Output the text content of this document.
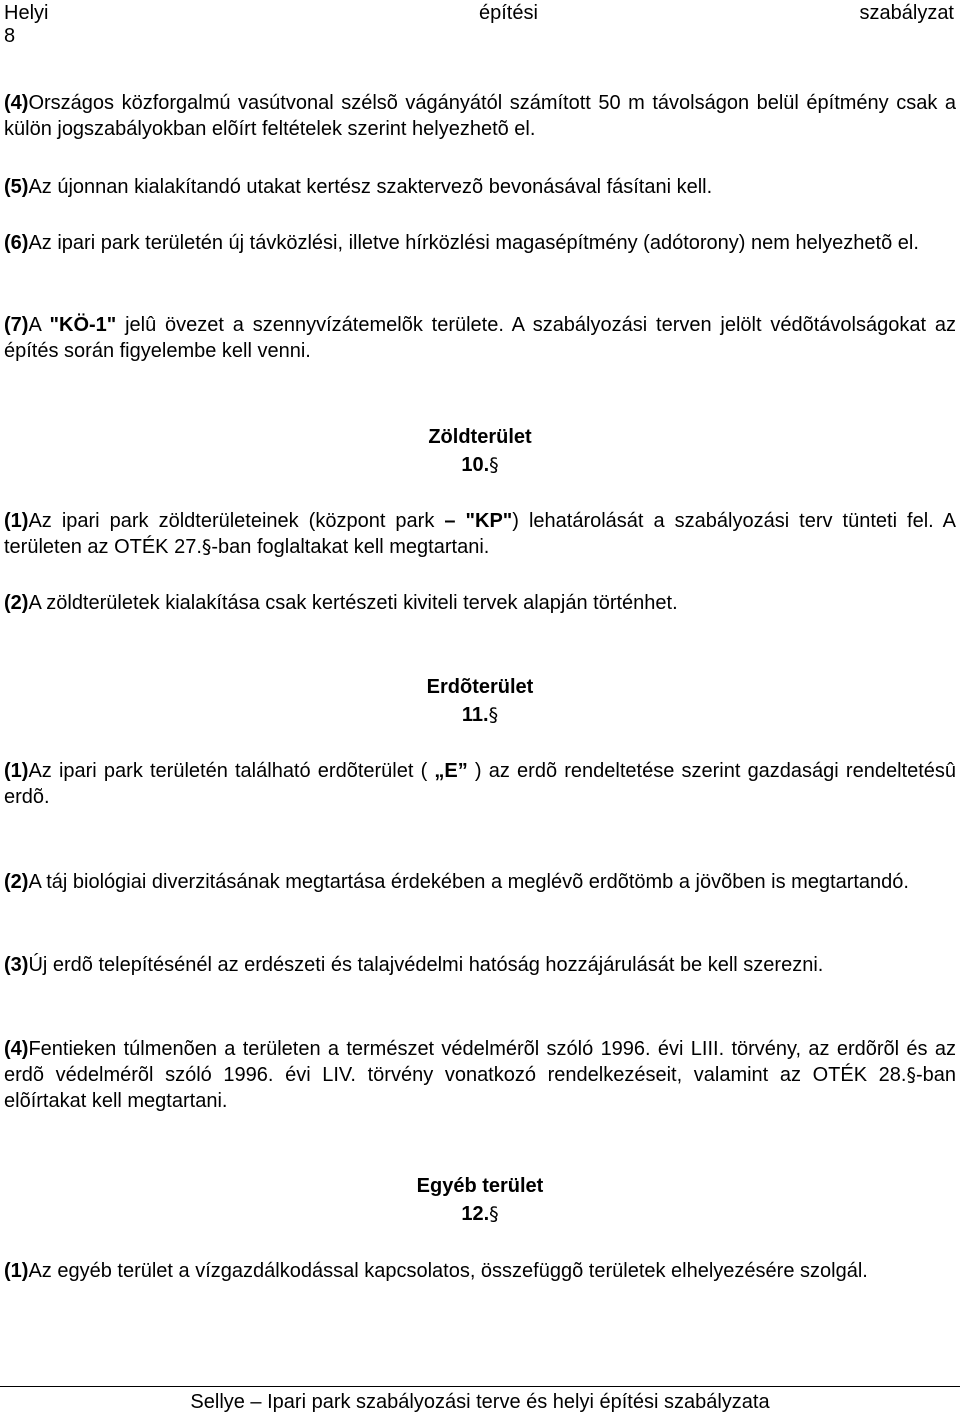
Helyi	építési	szabályzat
8

(4)Országos közforgalmú vasútvonal szélsõ vágányától számított 50 m távolságon belül építmény csak a külön jogszabályokban elõírt feltételek szerint helyezhetõ el.

(5)Az újonnan kialakítandó utakat kertész szaktervezõ bevonásával fásítani kell.

(6)Az ipari park területén új távközlési, illetve hírközlési magasépítmény (adótorony) nem helyezhetõ el.

(7)A "KÖ-1" jelû övezet a szennyvízátemelõk területe. A szabályozási terven jelölt védõtávolságokat az építés során figyelembe kell venni.

Zöldterület
10.§

(1)Az ipari park zöldterületeinek (központ park – "KP") lehatárolását a szabályozási terv tünteti fel. A területen az OTÉK 27.§-ban foglaltakat kell megtartani.

(2)A zöldterületek kialakítása csak kertészeti kiviteli tervek alapján történhet.

Erdõterület
11.§

(1)Az ipari park területén található erdõterület ( „E” ) az erdõ rendeltetése szerint gazdasági rendeltetésû erdõ.

(2)A táj biológiai diverzitásának megtartása érdekében a meglévõ erdõtömb a jövõben is megtartandó.

(3)Új erdõ telepítésénél az erdészeti és talajvédelmi hatóság hozzájárulását be kell szerezni.

(4)Fentieken túlmenõen a területen a természet védelmérõl szóló 1996. évi LIII. törvény, az erdõrõl és az erdõ védelmérõl szóló 1996. évi LIV. törvény vonatkozó rendelkezéseit, valamint az OTÉK 28.§-ban elõírtakat kell megtartani.

Egyéb terület
12.§

(1)Az egyéb terület a vízgazdálkodással kapcsolatos, összefüggõ területek elhelyezésére szolgál.

Sellye – Ipari park szabályozási terve és helyi építési szabályzata
